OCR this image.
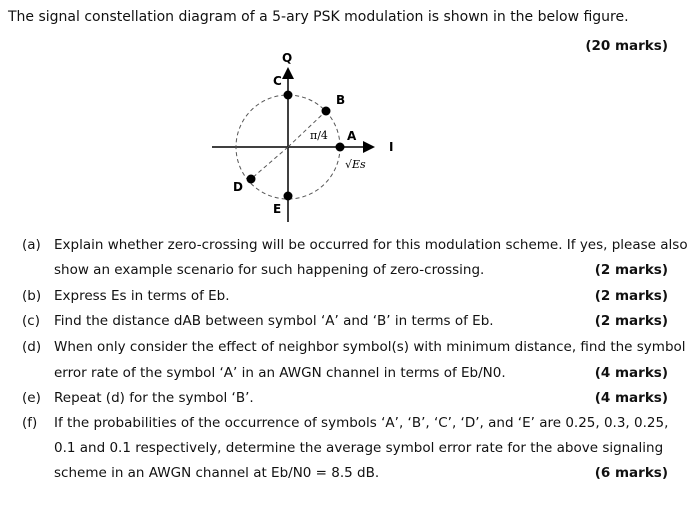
The signal constellation diagram of a 5-ary PSK modulation is shown in the below figure.
(20 marks)
Q
I
A
B
C
D
E
π/4
√Es
(a) Explain whether zero-crossing will be occurred for this modulation scheme. If yes, please also
show an example scenario for such happening of zero-crossing.	(2 marks)
(b) Express Es in terms of Eb.	(2 marks)
(c) Find the distance dAB between symbol ‘A’ and ‘B’ in terms of Eb.	(2 marks)
(d) When only consider the effect of neighbor symbol(s) with minimum distance, find the symbol
error rate of the symbol ‘A’ in an AWGN channel in terms of Eb/N0.	(4 marks)
(e) Repeat (d) for the symbol ‘B’.	(4 marks)
(f) If the probabilities of the occurrence of symbols ‘A’, ‘B’, ‘C’, ‘D’, and ‘E’ are 0.25, 0.3, 0.25,
0.1 and 0.1 respectively, determine the average symbol error rate for the above signaling
scheme in an AWGN channel at Eb/N0 = 8.5 dB.	(6 marks)
